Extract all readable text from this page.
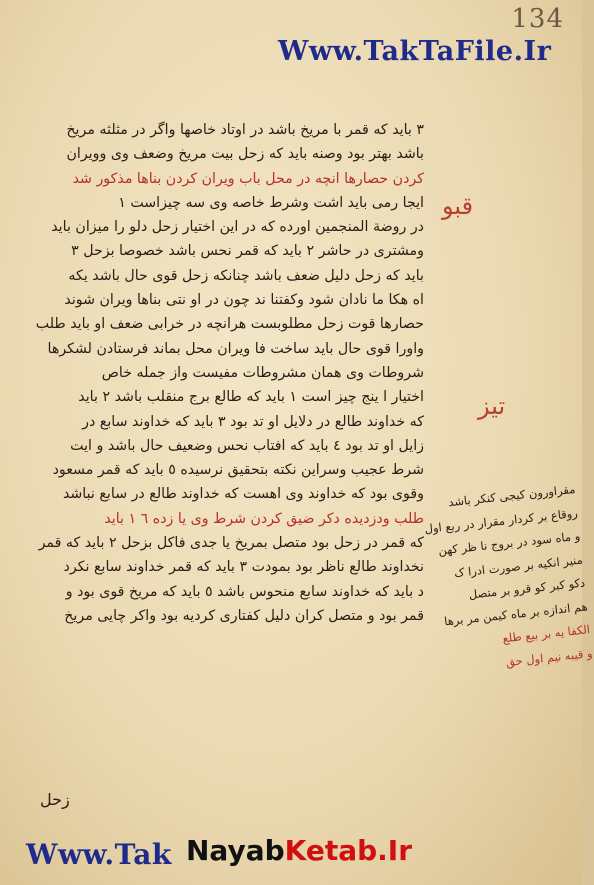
134
Www.TakTaFile.Ir
قبو
تیز
٣ باید که قمر با مریخ باشد در اوتاد خاصها واگر در مثلثه مریخ
باشد بهتر بود وصنه باید که زحل بیت مریخ وضعف وی وویران
کردن حصارها انچه در محل باب ویران کردن بناها مذکور شد
ایجا رمی باید اشت وشرط خاصه وی سه چیزاست ١
در روضة المنجمین اورده که در این اختیار زحل دلو را میزان باید
ومشتری در حاشر ٢ باید که قمر نحس باشد خصوصا بزحل ٣
باید که زحل دلیل ضعف باشد چنانکه زحل قوی حال باشد یکه
اه هکا ما نادان شود وکفتنا ند چون در او نتی بناها ویران شوند
حصارها قوت زحل مطلوبست هرانچه در خرابی ضعف او باید طلب
واورا قوی حال باید ساخت فا ویران محل بماند فرستادن لشکرها
شروطات وی همان مشروطات مفیست واز جمله خاص
اختیار ا ینج چیز است ١ باید که طالع برج منقلب باشد ٢ باید
که خداوند طالع در دلایل او تد بود ٣ باید که خداوند سابع در
زایل او تد بود ٤ باید که افتاب نحس وضعیف حال باشد و ایت
شرط عجیب وسراین نکته بتحقیق نرسیده ٥ باید که قمر مسعود
وقوی بود که خداوند وی اهست که خداوند طالع در سابع نباشد
طلب ودزدیده دکر ضیق کردن شرط وی یا زده ٦ ١ باید
که قمر در زحل بود متصل بمریخ یا جدی فاکل بزحل ٢ باید که قمر
نخداوند طالع ناظر بود بمودت ٣ باید که قمر خداوند سابع نکرد
د باید که خداوند سابع منحوس باشد ٥ باید که مریخ قوی بود و
قمر بود و متصل کران دلیل کفتاری کردیه بود واکر چایی مریخ
مقراورون کیجی کنکر باشد
روقاع بر کردار مقرار در ربع اول
و ماه سود در بروج نا ظر کهن
منیر انکیه بر صورت ادرا ک
دکو کبر کو قرو بر متصل
هم اندازه بر ماه کیمن مر برها
الکفا یه بر بیع طلع
و قیبه نیم اول حق
زحل
Www.Tak NayabKetab.Ir
